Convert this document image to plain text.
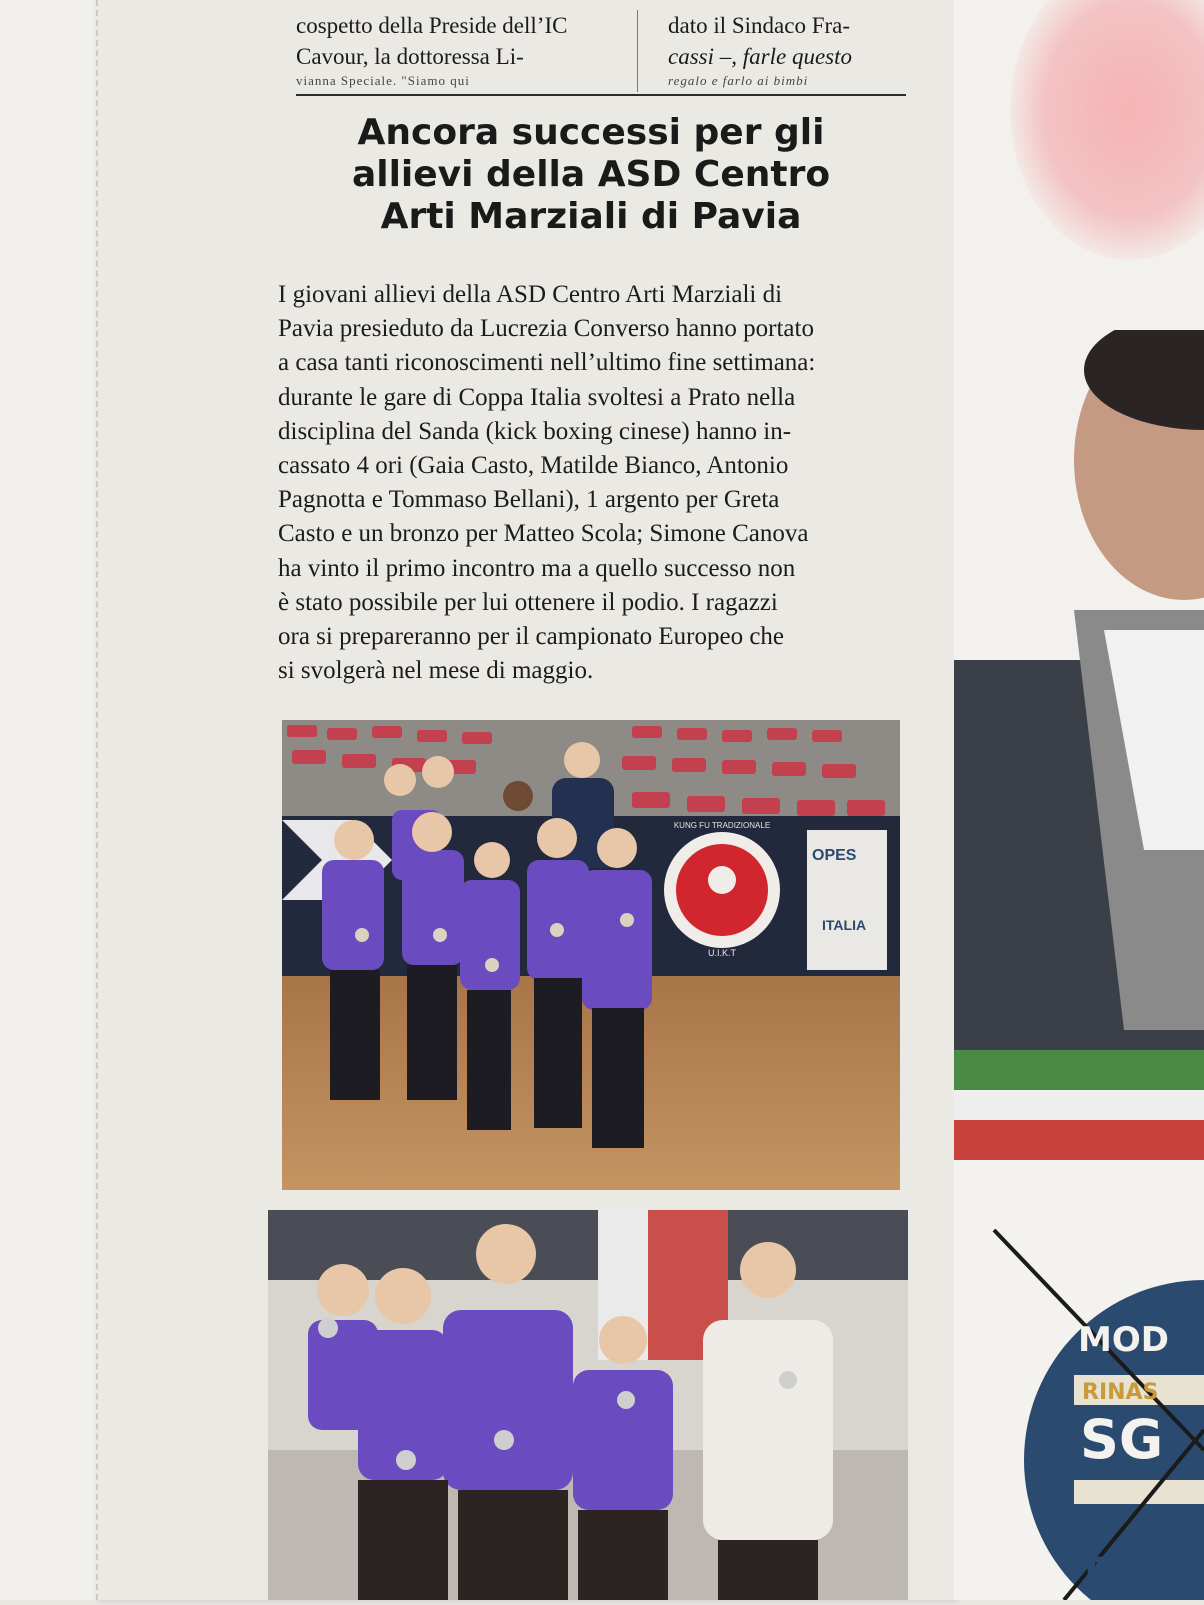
cospetto della Preside dell’IC
Cavour, la dottoressa Li-
vianna Speciale. "Siamo qui
dato il Sindaco Fra-
cassi –, farle questo
regalo e farlo ai bimbi
Ancora successi per gli
allievi della ASD Centro
Arti Marziali di Pavia
I giovani allievi della ASD Centro Arti Marziali di
Pavia presieduto da Lucrezia Converso hanno portato
a casa tanti riconoscimenti nell’ultimo fine settimana:
durante le gare di Coppa Italia svoltesi a Prato nella
disciplina del Sanda (kick boxing cinese) hanno in-
cassato 4 ori (Gaia Casto, Matilde Bianco, Antonio
Pagnotta e Tommaso Bellani), 1 argento per Greta
Casto e un bronzo per Matteo Scola; Simone Canova
ha vinto il primo incontro ma a quello successo non
è stato possibile per lui ottenere il podio. I ragazzi
ora si prepareranno per il campionato Europeo che
si svolgerà nel mese di maggio.
U.I.K.T
KUNG FU TRADIZIONALE
OPES
ITALIA
N
MOD
RINAS
SG
FON
